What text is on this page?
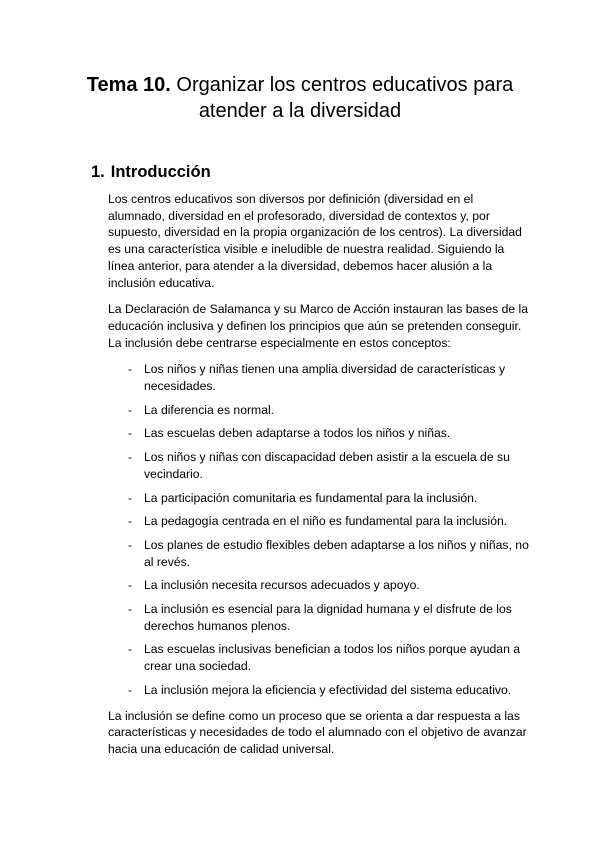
Tema 10. Organizar los centros educativos para atender a la diversidad
1. Introducción

Los centros educativos son diversos por definición (diversidad en el alumnado, diversidad en el profesorado, diversidad de contextos y, por supuesto, diversidad en la propia organización de los centros). La diversidad es una característica visible e ineludible de nuestra realidad. Siguiendo la línea anterior, para atender a la diversidad, debemos hacer alusión a la inclusión educativa.

La Declaración de Salamanca y su Marco de Acción instauran las bases de la educación inclusiva y definen los principios que aún se pretenden conseguir. La inclusión debe centrarse especialmente en estos conceptos:

- Los niños y niñas tienen una amplia diversidad de características y necesidades.
- La diferencia es normal.
- Las escuelas deben adaptarse a todos los niños y niñas.
- Los niños y niñas con discapacidad deben asistir a la escuela de su vecindario.
- La participación comunitaria es fundamental para la inclusión.
- La pedagogía centrada en el niño es fundamental para la inclusión.
- Los planes de estudio flexibles deben adaptarse a los niños y niñas, no al revés.
- La inclusión necesita recursos adecuados y apoyo.
- La inclusión es esencial para la dignidad humana y el disfrute de los derechos humanos plenos.
- Las escuelas inclusivas benefician a todos los niños porque ayudan a crear una sociedad.
- La inclusión mejora la eficiencia y efectividad del sistema educativo.

La inclusión se define como un proceso que se orienta a dar respuesta a las características y necesidades de todo el alumnado con el objetivo de avanzar hacia una educación de calidad universal.
